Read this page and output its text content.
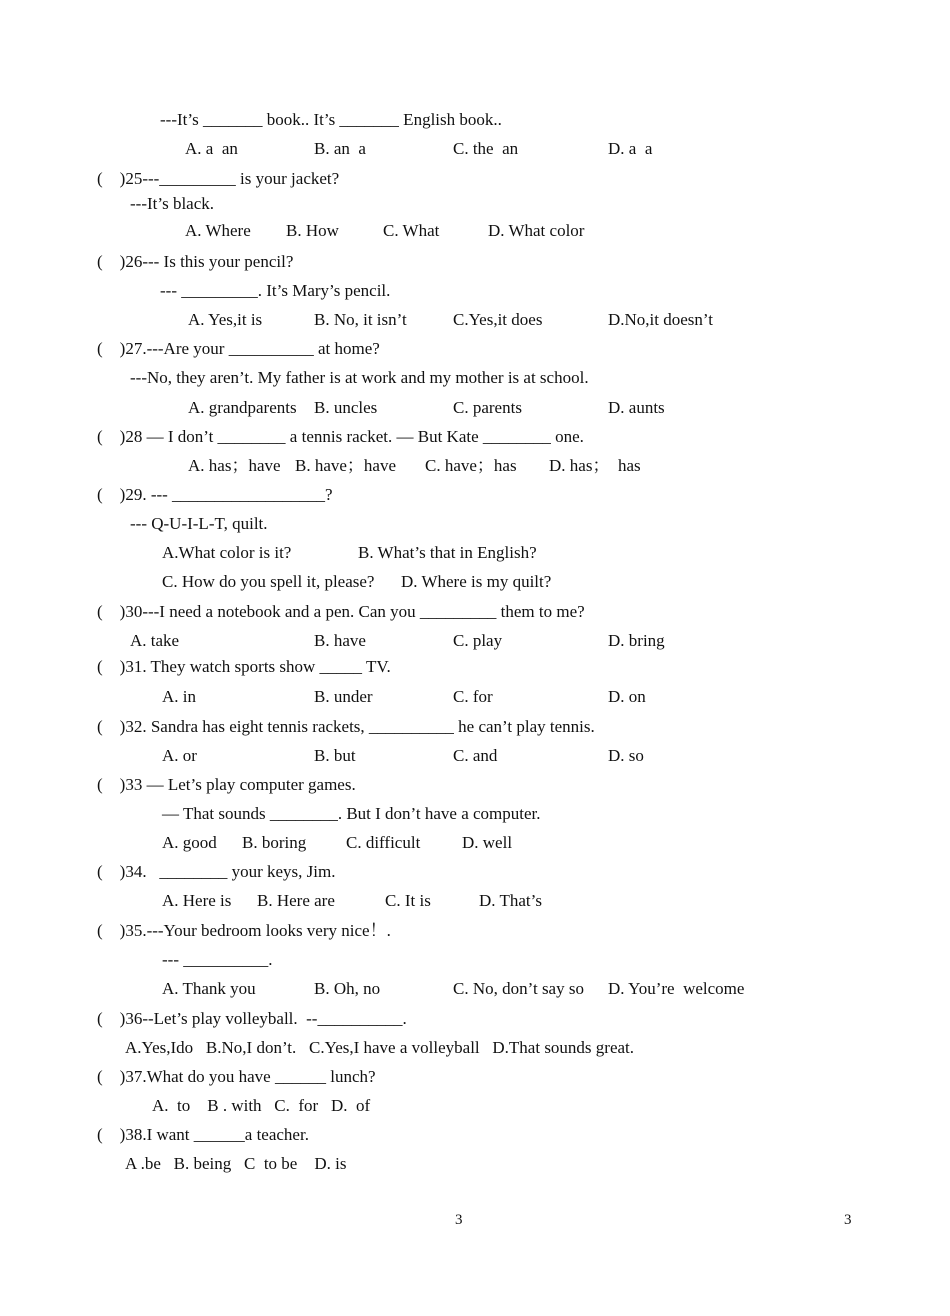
---It’s _______ book.. It’s _______ English book..
A. a  an	B. an  a	C. the  an	D. a  a
(    )25---_________ is your jacket?
---It’s black.
A. Where B. How	C. What	D. What color
(    )26--- Is this your pencil?
--- _________. It’s Mary’s pencil.
A. Yes,it is	B. No, it isn’t	C.Yes,it does	D.No,it doesn’t
(    )27.---Are your __________ at home?
---No, they aren’t. My father is at work and my mother is at school.
A. grandparents B. uncles	C. parents	D. aunts
(    )28 — I don’t ________ a tennis racket. — But Kate ________ one.
A. has；have B. have；have C. have；has D. has；  has
(    )29. --- __________________?
--- Q-U-I-L-T, quilt.
A.What color is it?	B. What’s that in English?
C. How do you spell it, please? D. Where is my quilt?
(    )30---I need a notebook and a pen. Can you _________ them to me?
A. take	B. have	C. play	D. bring
(    )31. They watch sports show _____ TV.
A. in	B. under	C. for	D. on
(    )32. Sandra has eight tennis rackets, __________ he can’t play tennis.
A. or	B. but	C. and	D. so
(    )33 — Let’s play computer games.
— That sounds ________. But I don’t have a computer.
A. good B. boring C. difficult D. well
(    )34.   ________ your keys, Jim.
A. Here is B. Here are	C. It is	D. That’s
(    )35.---Your bedroom looks very nice！.
--- __________.
A. Thank you	B. Oh, no	C. No, don’t say so D. You’re  welcome
(    )36--Let’s play volleyball.  --__________.
A.Yes,Ido   B.No,I don’t.   C.Yes,I have a volleyball   D.That sounds great.
(    )37.What do you have ______ lunch?
A.  to    B . with   C.  for   D.  of
(    )38.I want ______a teacher.
A .be   B. being   C  to be    D. is
3	3
